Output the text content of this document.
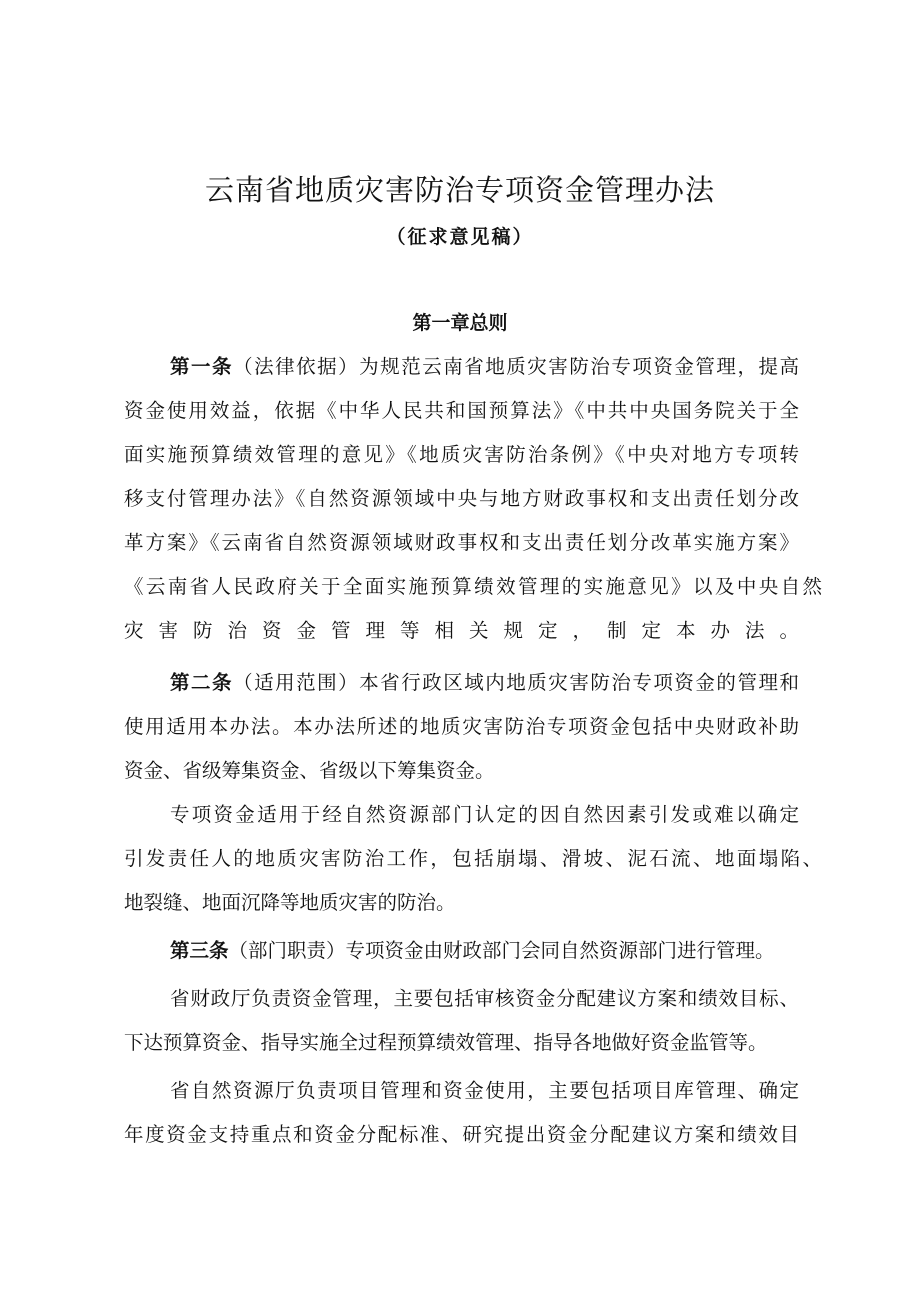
云南省地质灾害防治专项资金管理办法
（征求意见稿）
第一章总则
第一条（法律依据）为规范云南省地质灾害防治专项资金管理，提高
资金使用效益，依据《中华人民共和国预算法》《中共中央国务院关于全
面实施预算绩效管理的意见》《地质灾害防治条例》《中央对地方专项转
移支付管理办法》《自然资源领域中央与地方财政事权和支出责任划分改
革方案》《云南省自然资源领域财政事权和支出责任划分改革实施方案》
《云南省人民政府关于全面实施预算绩效管理的实施意见》以及中央自然
灾害防治资金管理等相关规定，制定本办法。
第二条（适用范围）本省行政区域内地质灾害防治专项资金的管理和
使用适用本办法。本办法所述的地质灾害防治专项资金包括中央财政补助
资金、省级筹集资金、省级以下筹集资金。
专项资金适用于经自然资源部门认定的因自然因素引发或难以确定
引发责任人的地质灾害防治工作，包括崩塌、滑坡、泥石流、地面塌陷、
地裂缝、地面沉降等地质灾害的防治。
第三条（部门职责）专项资金由财政部门会同自然资源部门进行管理。
省财政厅负责资金管理，主要包括审核资金分配建议方案和绩效目标、
下达预算资金、指导实施全过程预算绩效管理、指导各地做好资金监管等。
省自然资源厅负责项目管理和资金使用，主要包括项目库管理、确定
年度资金支持重点和资金分配标准、研究提出资金分配建议方案和绩效目
